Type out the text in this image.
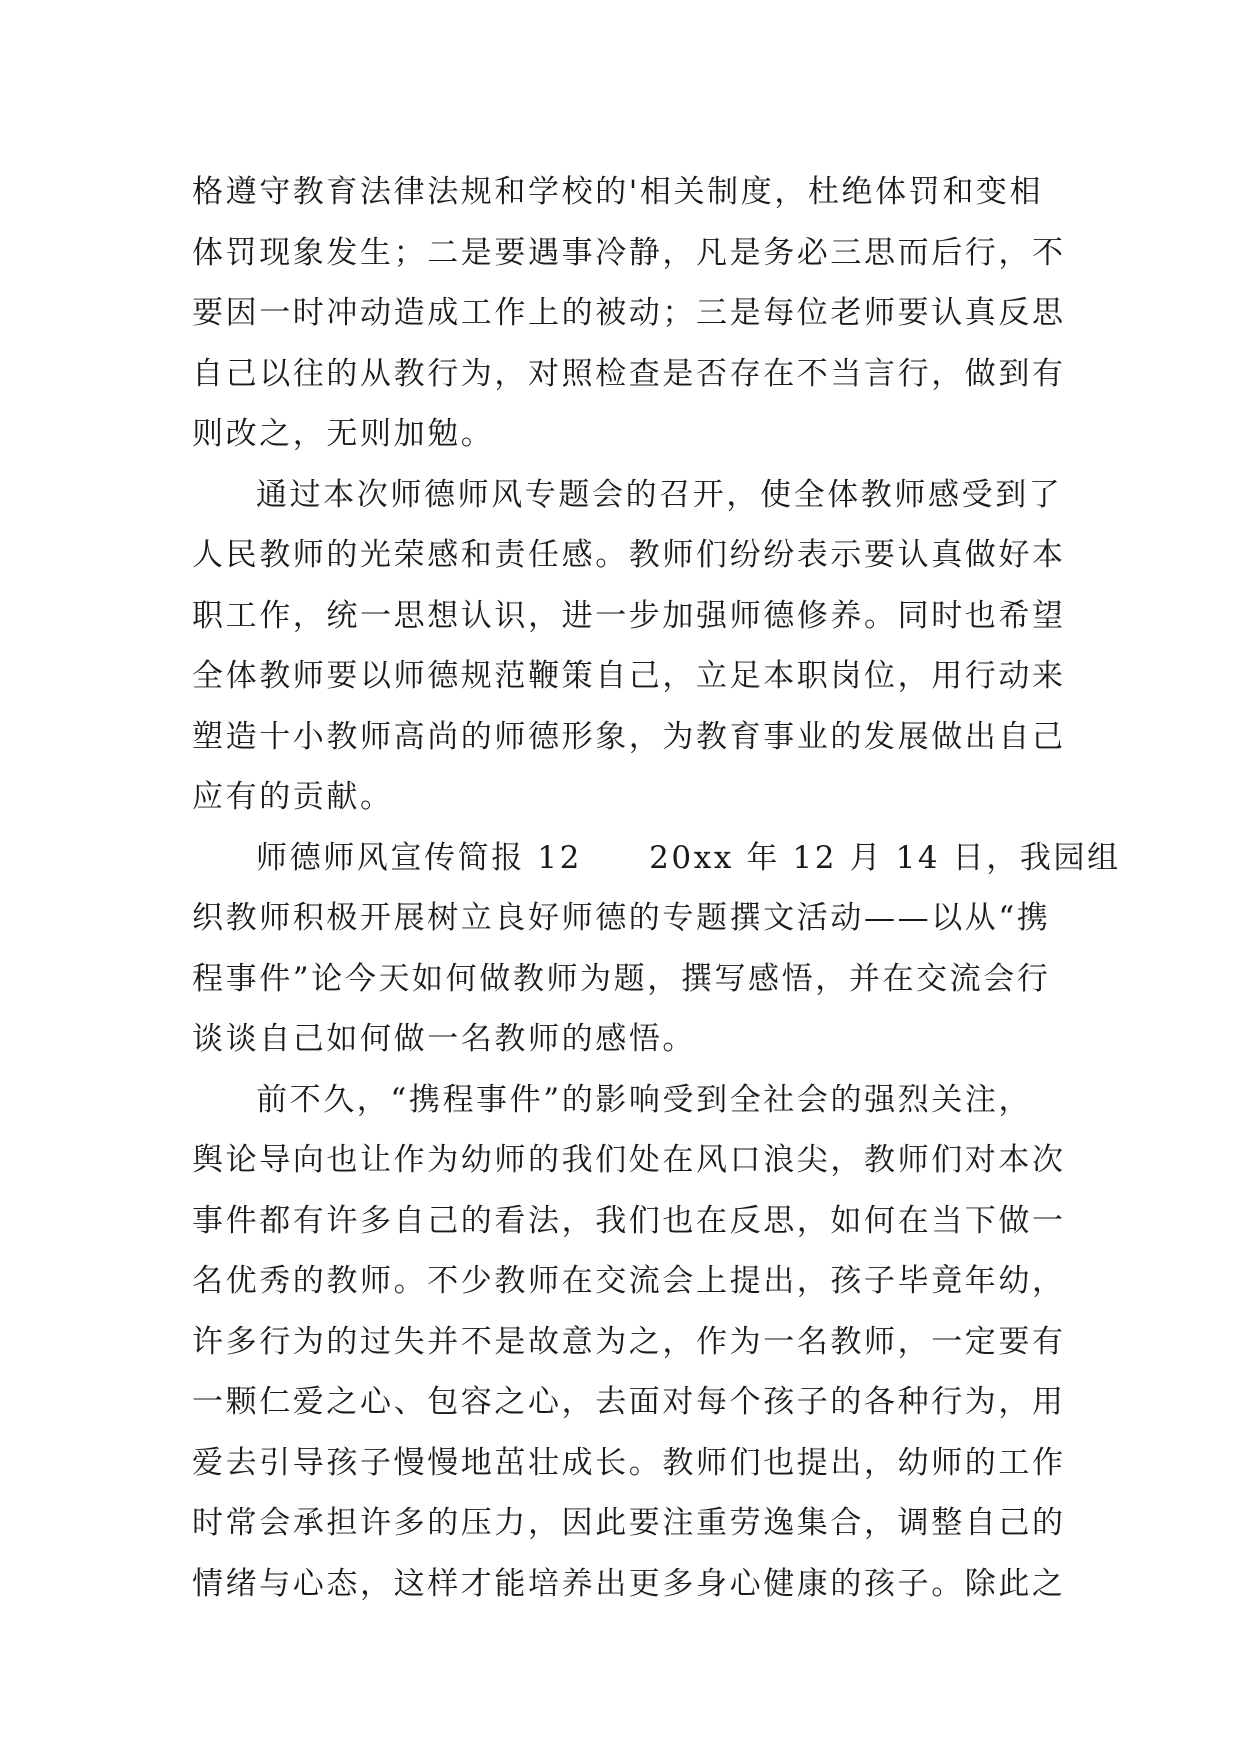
格遵守教育法律法规和学校的'相关制度，杜绝体罚和变相
体罚现象发生；二是要遇事冷静，凡是务必三思而后行，不
要因一时冲动造成工作上的被动；三是每位老师要认真反思
自己以往的从教行为，对照检查是否存在不当言行，做到有
则改之，无则加勉。

通过本次师德师风专题会的召开，使全体教师感受到了
人民教师的光荣感和责任感。教师们纷纷表示要认真做好本
职工作，统一思想认识，进一步加强师德修养。同时也希望
全体教师要以师德规范鞭策自己，立足本职岗位，用行动来
塑造十小教师高尚的师德形象，为教育事业的发展做出自己
应有的贡献。

师德师风宣传简报 12　　20xx 年 12 月 14 日，我园组
织教师积极开展树立良好师德的专题撰文活动——以从“携
程事件”论今天如何做教师为题，撰写感悟，并在交流会行
谈谈自己如何做一名教师的感悟。

前不久，“携程事件”的影响受到全社会的强烈关注，
舆论导向也让作为幼师的我们处在风口浪尖，教师们对本次
事件都有许多自己的看法，我们也在反思，如何在当下做一
名优秀的教师。不少教师在交流会上提出，孩子毕竟年幼，
许多行为的过失并不是故意为之，作为一名教师，一定要有
一颗仁爱之心、包容之心，去面对每个孩子的各种行为，用
爱去引导孩子慢慢地茁壮成长。教师们也提出，幼师的工作
时常会承担许多的压力，因此要注重劳逸集合，调整自己的
情绪与心态，这样才能培养出更多身心健康的孩子。除此之
